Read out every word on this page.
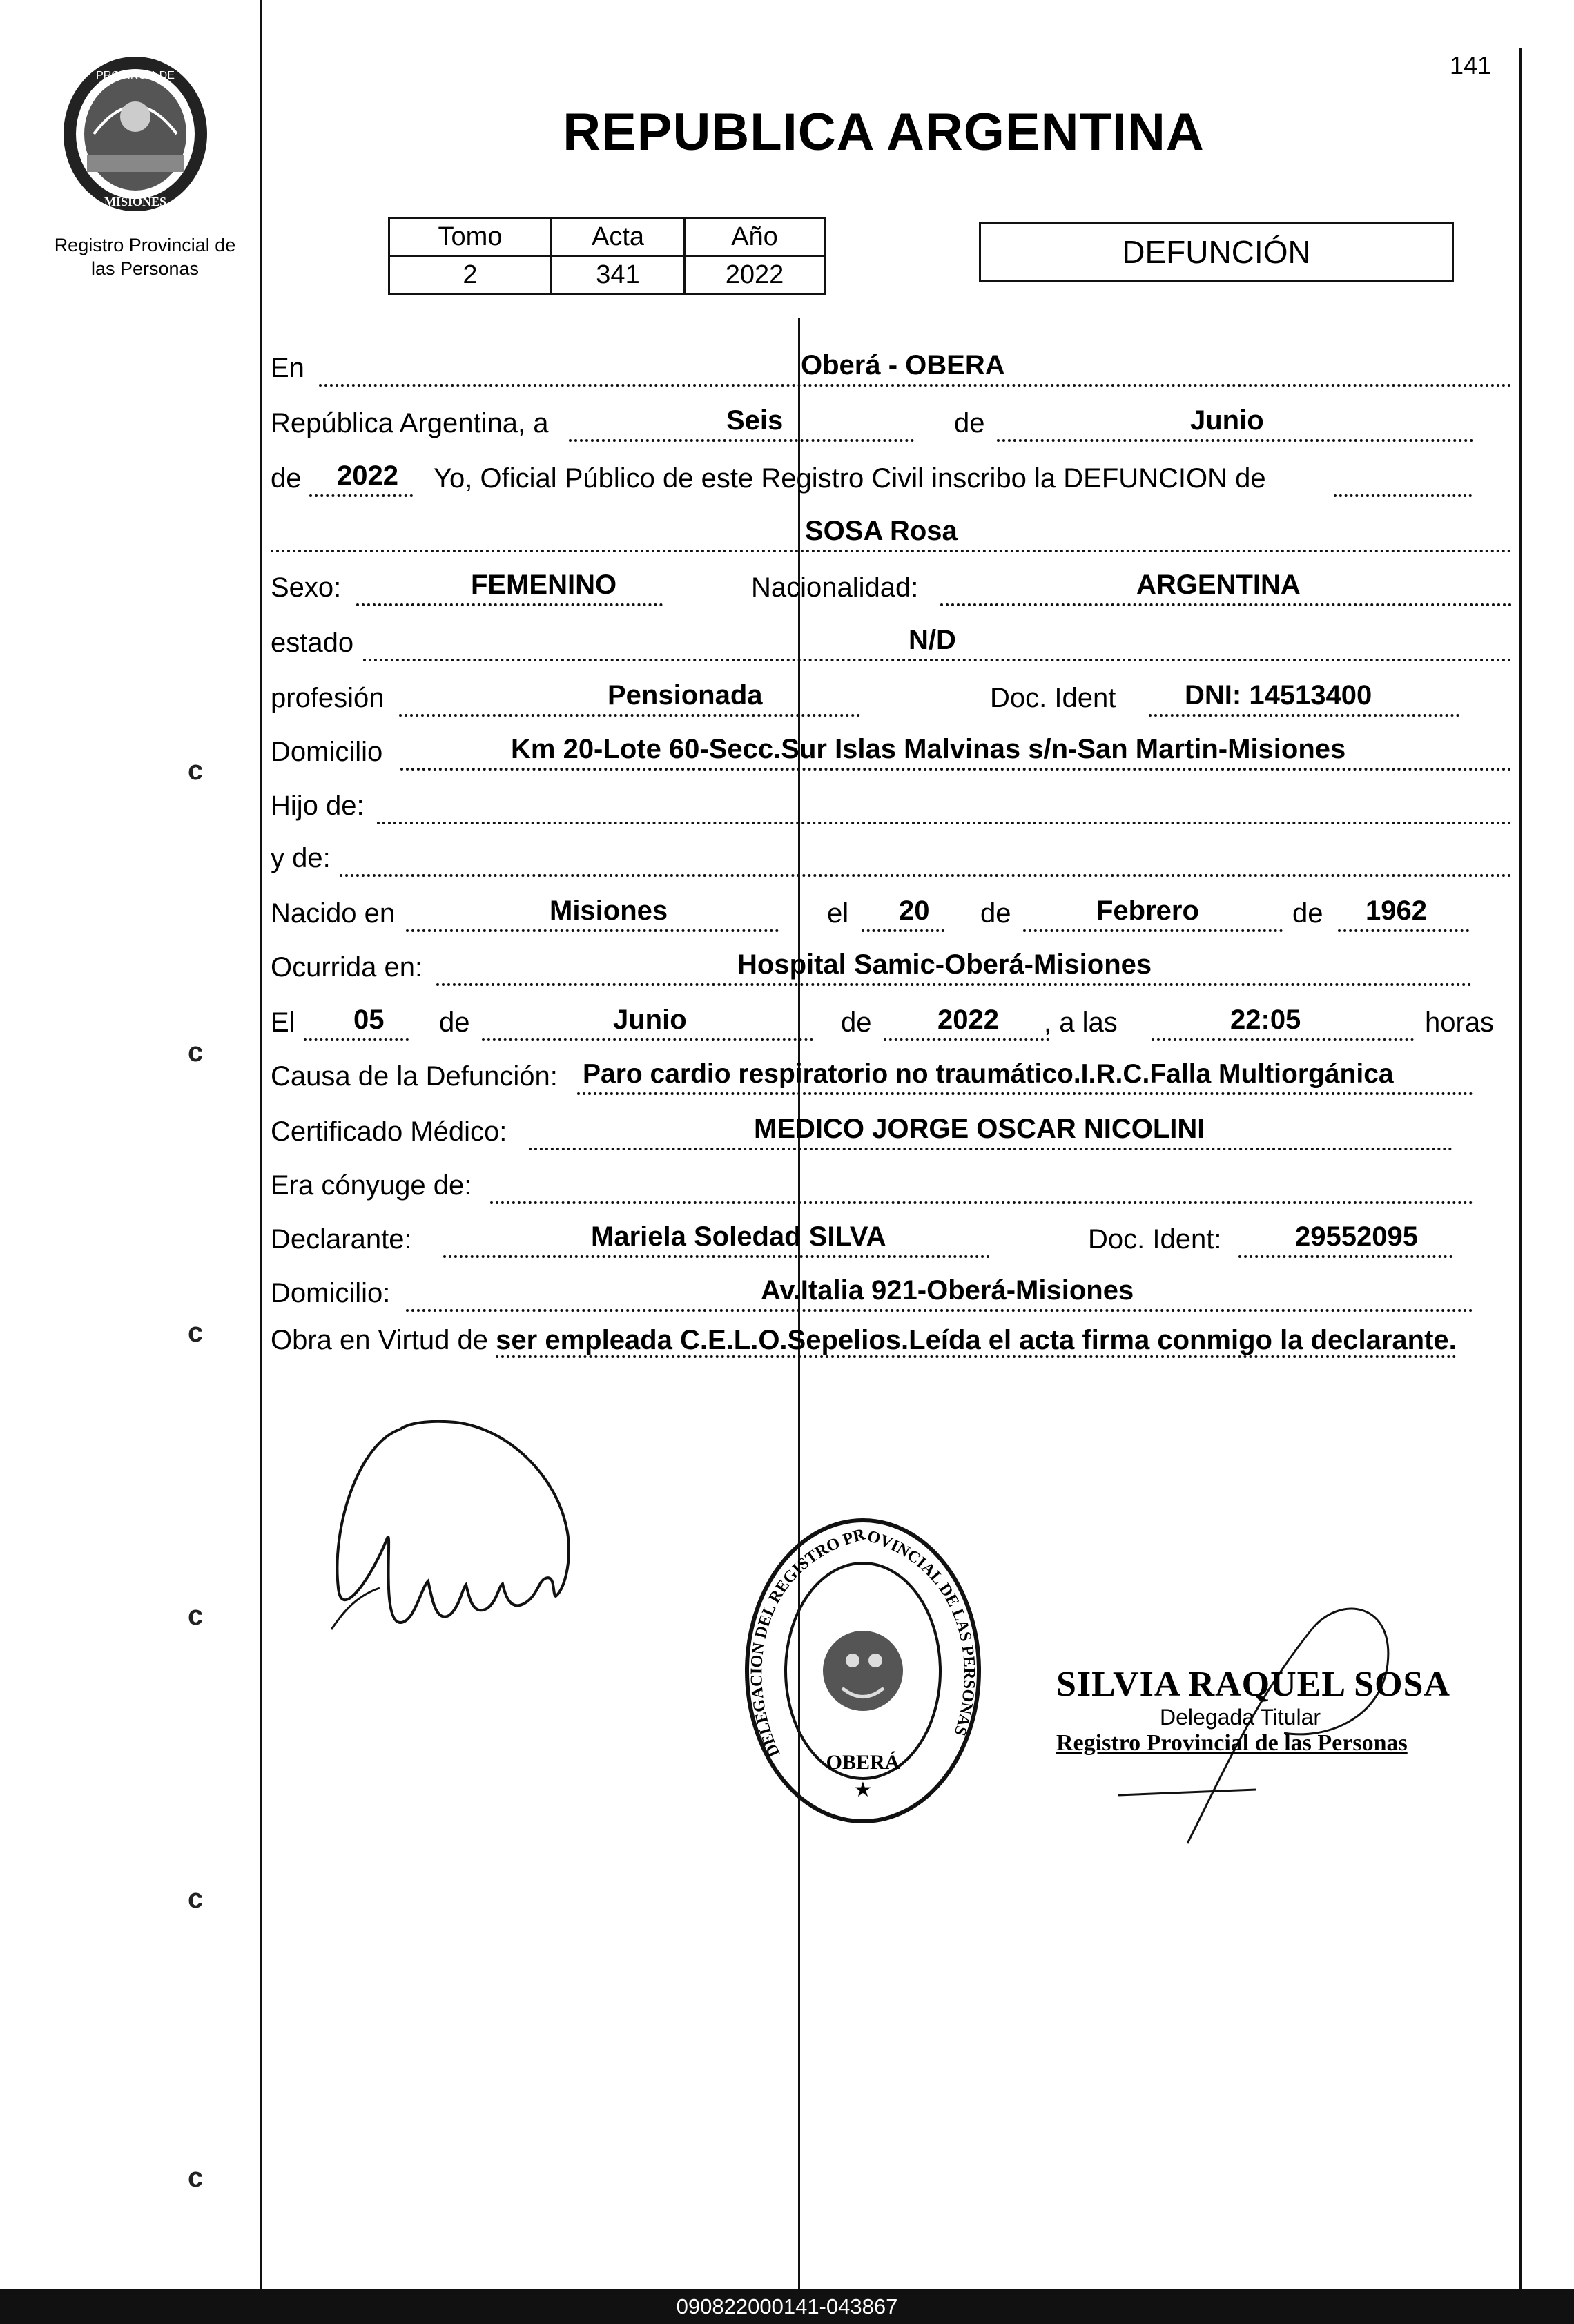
PROVINCIA DE
MISIONES
Registro Provincial de
las Personas
141
REPUBLICA ARGENTINA
Tomo	Acta	Año
2	341	2022
DEFUNCIÓN
En	Oberá - OBERA
República Argentina, a	Seis	de	Junio
de 2022 Yo, Oficial Público de este Registro Civil inscribo la DEFUNCION de
SOSA Rosa
Sexo:	FEMENINO	Nacionalidad:	ARGENTINA
estado	N/D
profesión	Pensionada	Doc. Ident DNI: 14513400
Domicilio	Km 20-Lote 60-Secc.Sur Islas Malvinas s/n-San Martin-Misiones
Hijo de:
y de:
Nacido en	Misiones	el 20 de	Febrero	de 1962
Ocurrida en:	Hospital Samic-Oberá-Misiones
El 05 de	Junio	de 2022 , a las	22:05	horas
Causa de la Defunción: Paro cardio respiratorio no traumático.I.R.C.Falla Multiorgánica
Certificado Médico:	MEDICO JORGE OSCAR NICOLINI
Era cónyuge de:
Declarante:	Mariela Soledad SILVA	Doc. Ident:	29552095
Domicilio:	Av.Italia 921-Oberá-Misiones
Obra en Virtud de ser empleada C.E.L.O.Sepelios.Leída el acta firma conmigo la declarante.
DELEGACION DEL REGISTRO PROVINCIAL DE LAS PERSONAS
OBERÁ
★
SILVIA RAQUEL SOSA
Delegada Titular
Registro Provincial de las Personas
ϲ
ϲ
ϲ
ϲ
ϲ
ϲ
090822000141-043867
